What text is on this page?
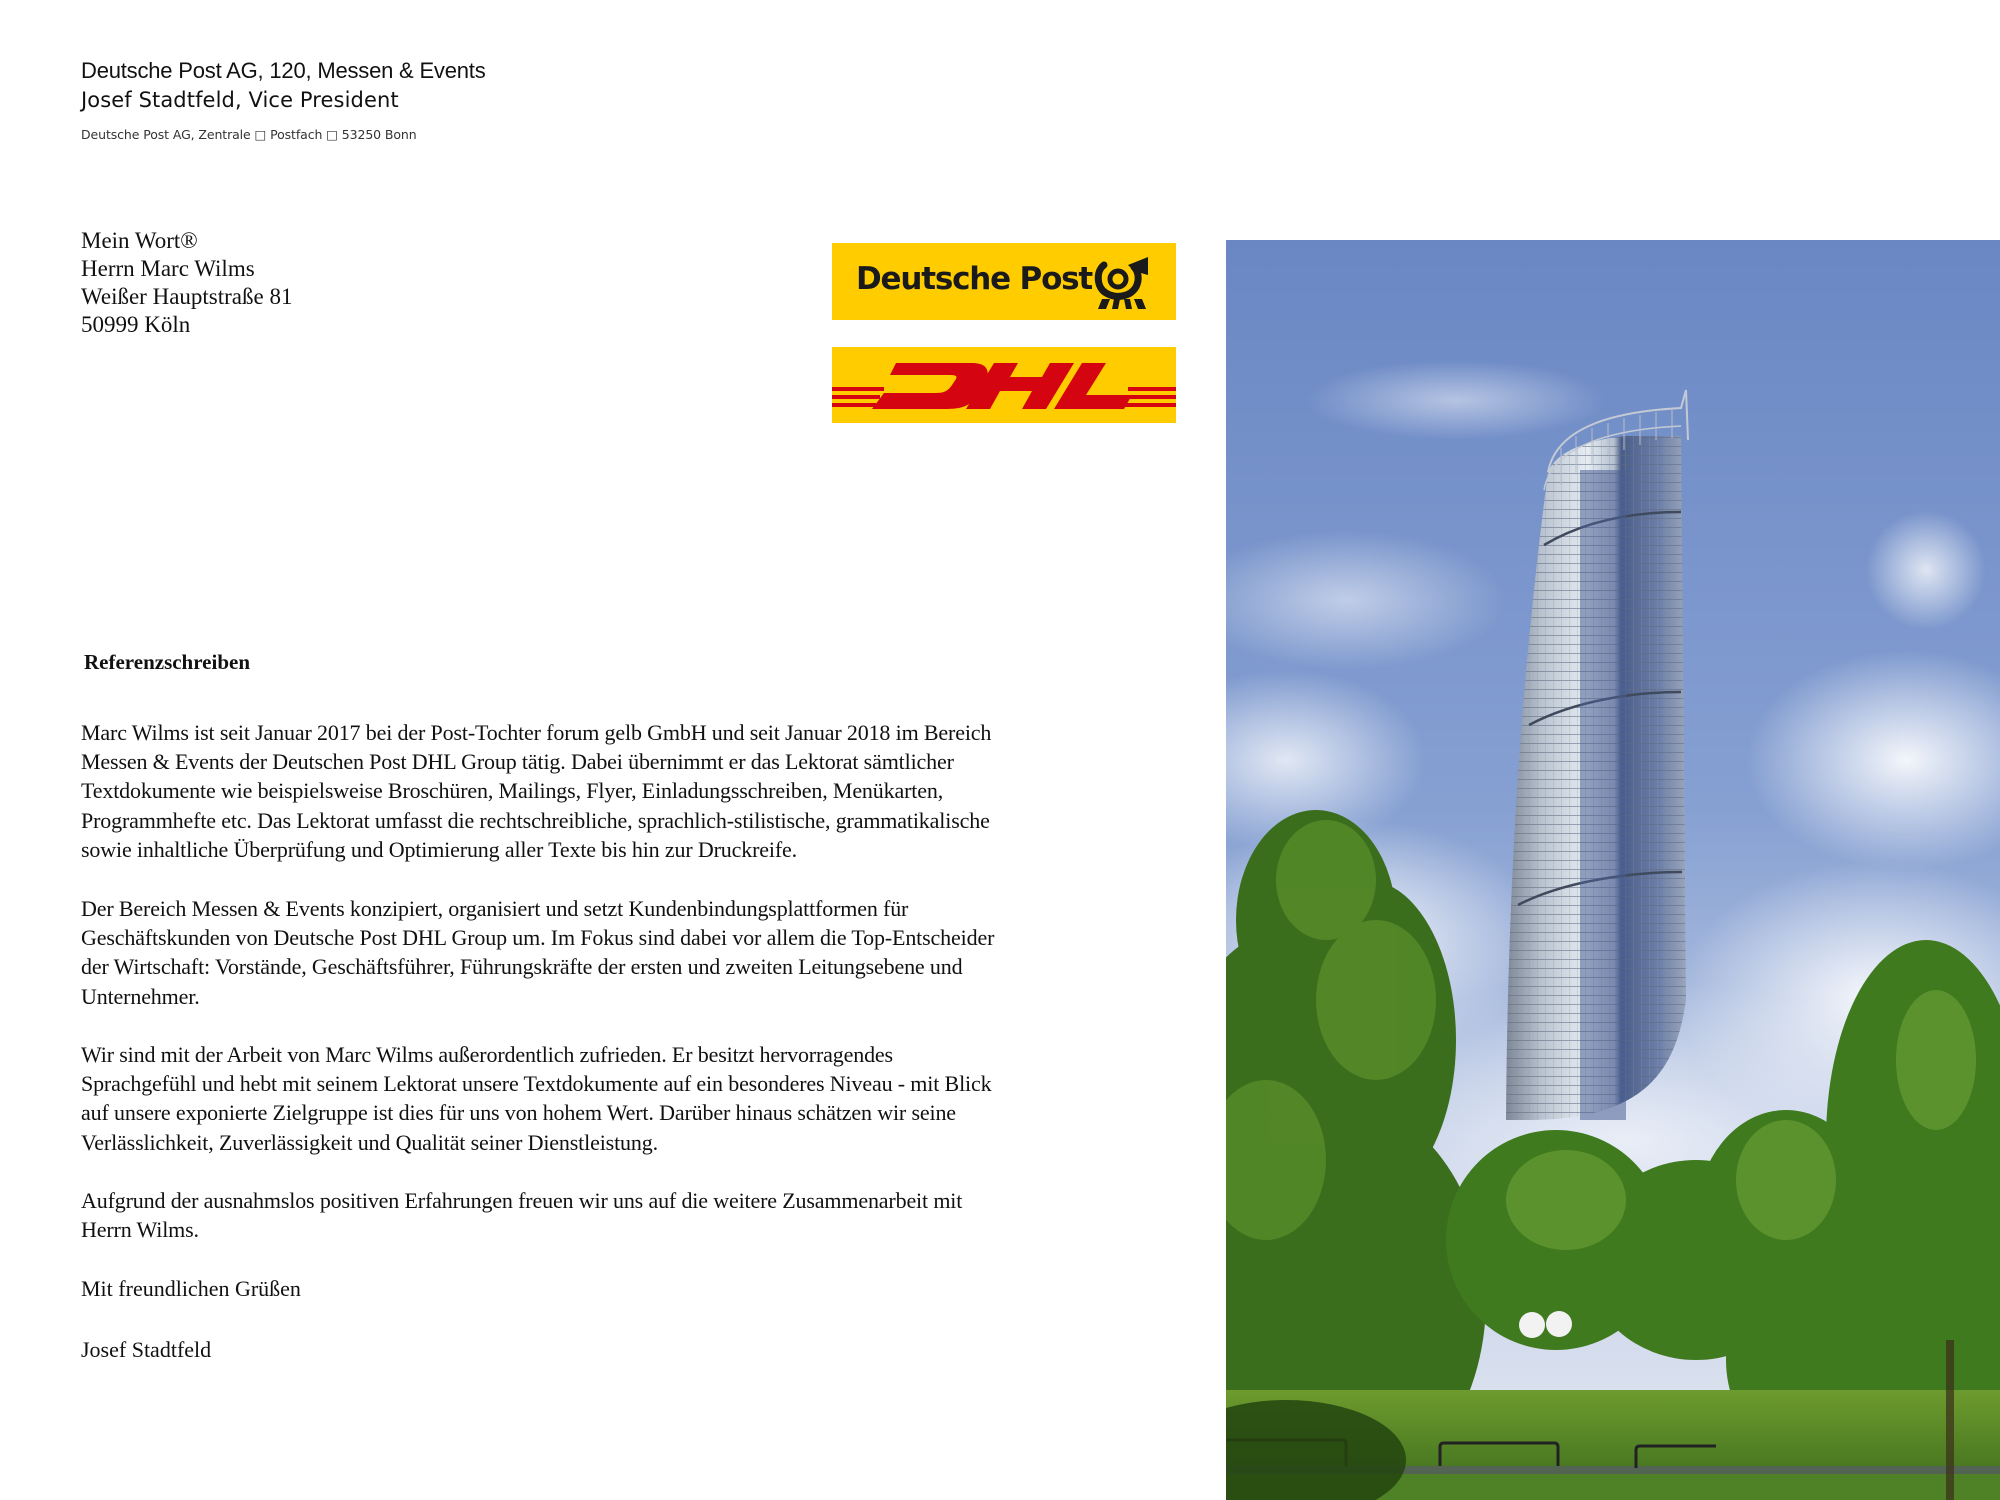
Deutsche Post AG, 120, Messen & Events
Josef Stadtfeld, Vice President
Deutsche Post AG, Zentrale □ Postfach □ 53250 Bonn
Mein Wort®
Herrn Marc Wilms
Weißer Hauptstraße 81
50999 Köln
Deutsche Post
Referenzschreiben
Marc Wilms ist seit Januar 2017 bei der Post-Tochter forum gelb GmbH und seit Januar 2018 im Bereich
Messen & Events der Deutschen Post DHL Group tätig. Dabei übernimmt er das Lektorat sämtlicher
Textdokumente wie beispielsweise Broschüren, Mailings, Flyer, Einladungsschreiben, Menükarten,
Programmhefte etc. Das Lektorat umfasst die rechtschreibliche, sprachlich-stilistische, grammatikalische
sowie inhaltliche Überprüfung und Optimierung aller Texte bis hin zur Druckreife.
Der Bereich Messen & Events konzipiert, organisiert und setzt Kundenbindungsplattformen für
Geschäftskunden von Deutsche Post DHL Group um. Im Fokus sind dabei vor allem die Top-Entscheider
der Wirtschaft: Vorstände, Geschäftsführer, Führungskräfte der ersten und zweiten Leitungsebene und
Unternehmer.
Wir sind mit der Arbeit von Marc Wilms außerordentlich zufrieden. Er besitzt hervorragendes
Sprachgefühl und hebt mit seinem Lektorat unsere Textdokumente auf ein besonderes Niveau - mit Blick
auf unsere exponierte Zielgruppe ist dies für uns von hohem Wert. Darüber hinaus schätzen wir seine
Verlässlichkeit, Zuverlässigkeit und Qualität seiner Dienstleistung.
Aufgrund der ausnahmslos positiven Erfahrungen freuen wir uns auf die weitere Zusammenarbeit mit
Herrn Wilms.
Mit freundlichen Grüßen
Josef Stadtfeld
